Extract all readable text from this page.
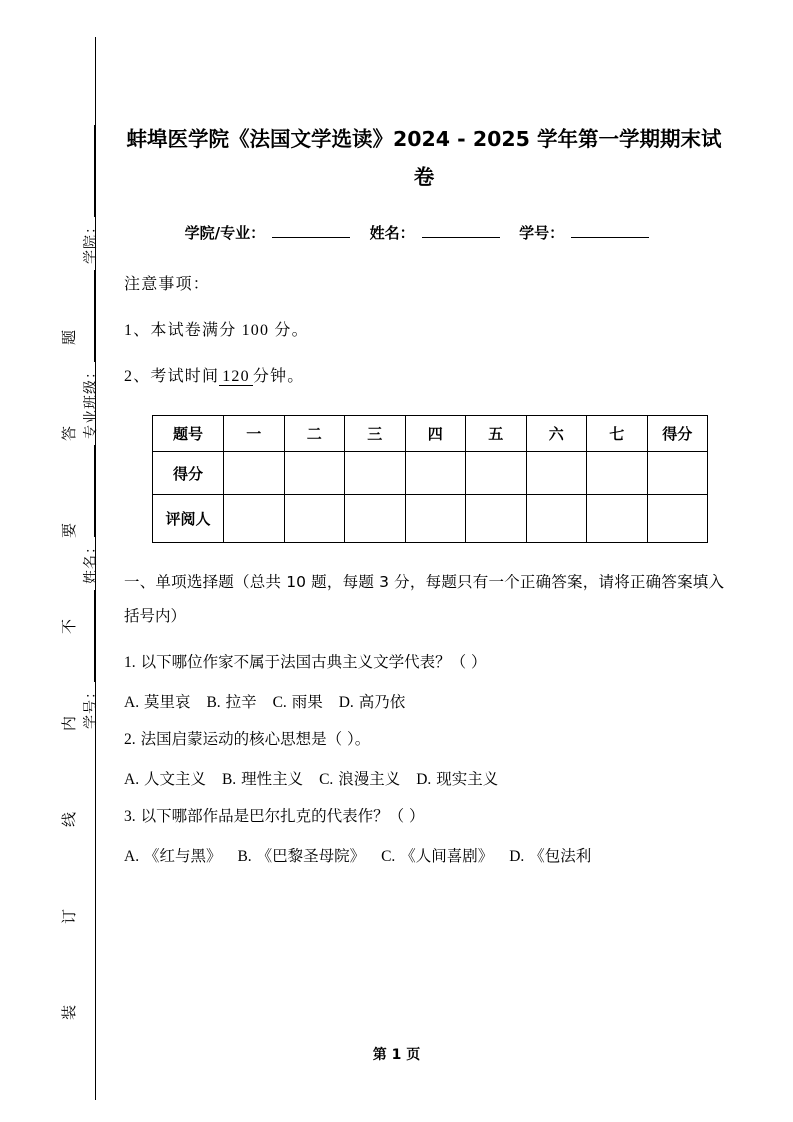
学号：
姓名：
专业班级：
学院：
题
答
要
不
内
线
订
装
蚌埠医学院《法国文学选读》2024 - 2025 学年第一学期期末试卷
学院/专业：	姓名：	学号：
注意事项：
1、本试卷满分 100 分。
2、考试时间 120 分钟。
题号	一	二	三	四	五	六	七	得分
得分								
评阅人								
一、单项选择题（总共 10 题，每题 3 分，每题只有一个正确答案，请将正确答案填入括号内）
1. 以下哪位作家不属于法国古典主义文学代表？（ ）
A. 莫里哀 B. 拉辛 C. 雨果 D. 高乃依
2. 法国启蒙运动的核心思想是（ ）。
A. 人文主义 B. 理性主义 C. 浪漫主义 D. 现实主义
3. 以下哪部作品是巴尔扎克的代表作？（ ）
A. 《红与黑》 B. 《巴黎圣母院》 C. 《人间喜剧》 D. 《包法利
第 1 页
